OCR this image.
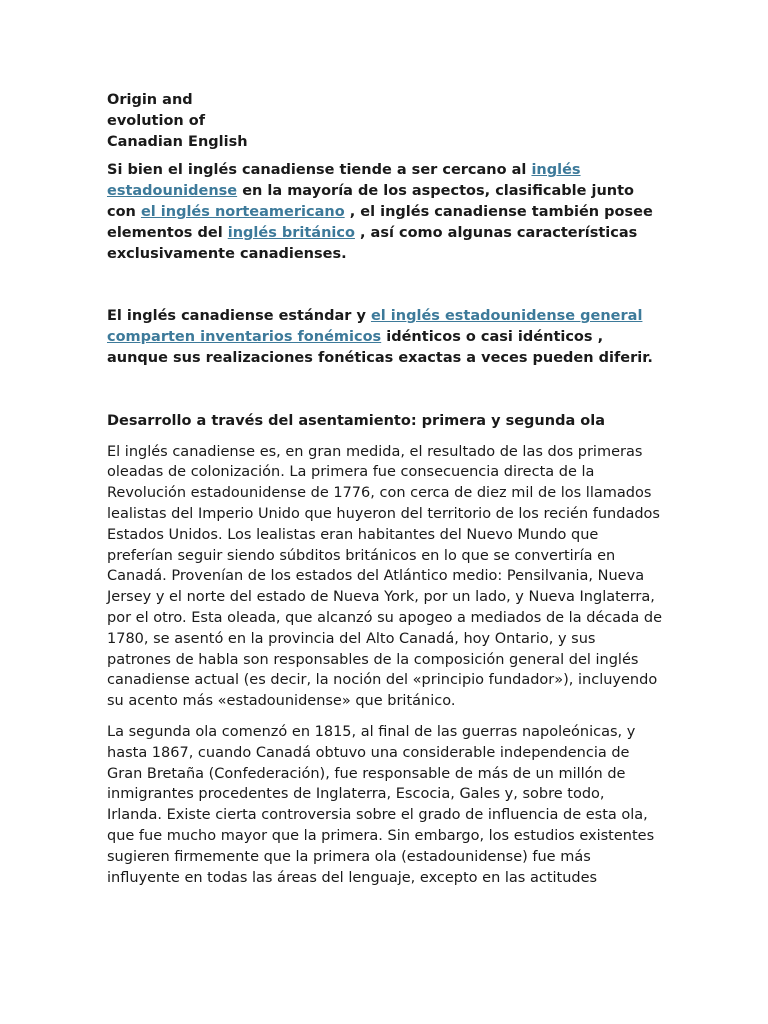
Origin and
evolution of
Canadian English

Si bien el inglés canadiense tiende a ser cercano al inglés estadounidense en la mayoría de los aspectos, clasificable junto con el inglés norteamericano , el inglés canadiense también posee elementos del inglés británico , así como algunas características exclusivamente canadienses.

El inglés canadiense estándar y el inglés estadounidense general comparten inventarios fonémicos idénticos o casi idénticos , aunque sus realizaciones fonéticas exactas a veces pueden diferir.

Desarrollo a través del asentamiento: primera y segunda ola

El inglés canadiense es, en gran medida, el resultado de las dos primeras oleadas de colonización. La primera fue consecuencia directa de la Revolución estadounidense de 1776, con cerca de diez mil de los llamados lealistas del Imperio Unido que huyeron del territorio de los recién fundados Estados Unidos. Los lealistas eran habitantes del Nuevo Mundo que preferían seguir siendo súbditos británicos en lo que se convertiría en Canadá. Provenían de los estados del Atlántico medio: Pensilvania, Nueva Jersey y el norte del estado de Nueva York, por un lado, y Nueva Inglaterra, por el otro. Esta oleada, que alcanzó su apogeo a mediados de la década de 1780, se asentó en la provincia del Alto Canadá, hoy Ontario, y sus patrones de habla son responsables de la composición general del inglés canadiense actual (es decir, la noción del «principio fundador»), incluyendo su acento más «estadounidense» que británico.

La segunda ola comenzó en 1815, al final de las guerras napoleónicas, y hasta 1867, cuando Canadá obtuvo una considerable independencia de Gran Bretaña (Confederación), fue responsable de más de un millón de inmigrantes procedentes de Inglaterra, Escocia, Gales y, sobre todo, Irlanda. Existe cierta controversia sobre el grado de influencia de esta ola, que fue mucho mayor que la primera. Sin embargo, los estudios existentes sugieren firmemente que la primera ola (estadounidense) fue más influyente en todas las áreas del lenguaje, excepto en las actitudes
